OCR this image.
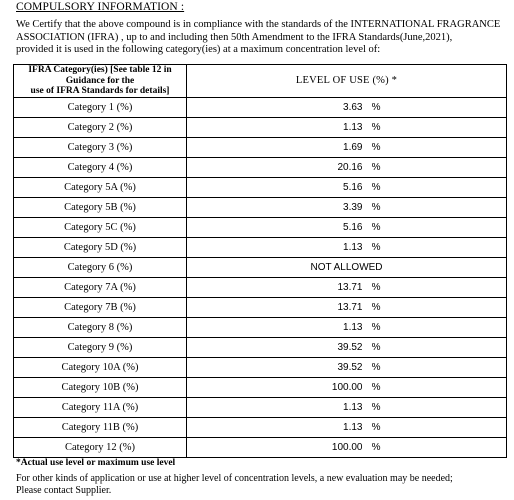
COMPULSORY INFORMATION :
We Certify that the above compound is in compliance with the standards of the INTERNATIONAL FRAGRANCE
ASSOCIATION (IFRA) , up to and including then 50th Amendment to the IFRA Standards(June,2021),
provided it is used in the following category(ies) at a maximum concentration level of:
IFRA Category(ies) [See table 12 in Guidance for the
use of IFRA Standards for details]	LEVEL OF USE (%) *
Category 1 (%)	3.63 %
Category 2 (%)	1.13 %
Category 3 (%)	1.69 %
Category 4 (%)	20.16 %
Category 5A (%)	5.16 %
Category 5B (%)	3.39 %
Category 5C (%)	5.16 %
Category 5D (%)	1.13 %
Category 6 (%)	NOT ALLOWED
Category 7A (%)	13.71 %
Category 7B (%)	13.71 %
Category 8 (%)	1.13 %
Category 9 (%)	39.52 %
Category 10A (%)	39.52 %
Category 10B (%)	100.00 %
Category 11A (%)	1.13 %
Category 11B (%)	1.13 %
Category 12 (%)	100.00 %
*Actual use level or maximum use level
For other kinds of application or use at higher level of concentration levels, a new evaluation may be needed;
Please contact Supplier.
